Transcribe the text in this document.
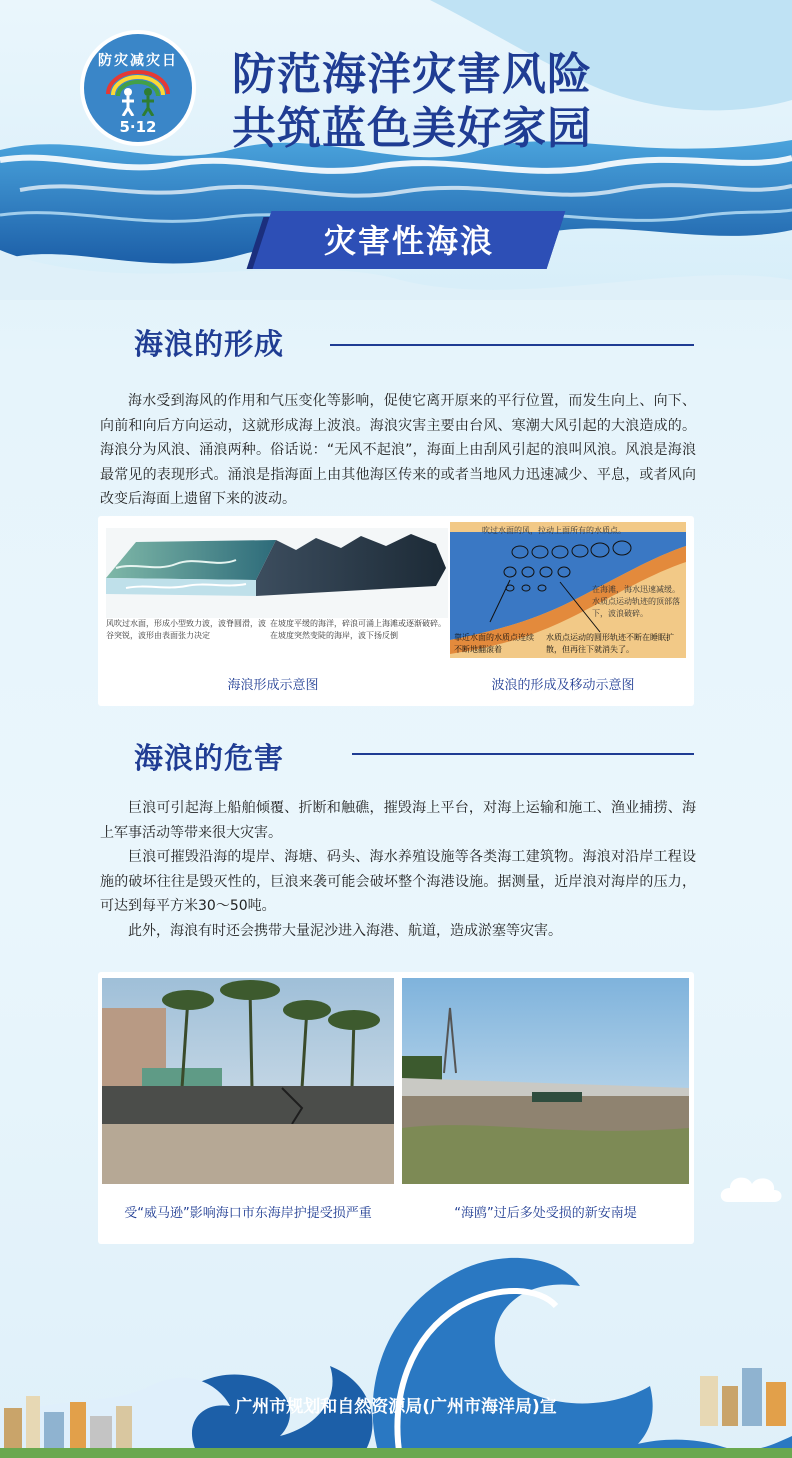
防灾减灾日
5·12
防范海洋灾害风险
共筑蓝色美好家园
灾害性海浪
海浪的形成

海水受到海风的作用和气压变化等影响，促使它离开原来的平行位置，而发生向上、向下、向前和向后方向运动，这就形成海上波浪。海浪灾害主要由台风、寒潮大风引起的大浪造成的。海浪分为风浪、涌浪两种。俗话说：“无风不起浪”，海面上由刮风引起的浪叫风浪。风浪是海浪最常见的表现形式。涌浪是指海面上由其他海区传来的或者当地风力迅速减少、平息，或者风向改变后海面上遗留下来的波动。

风吹过水面，形成小型致力波，波脊圆滑，波谷突锐，波形由表面张力决定
在坡度平缓的海洋，碎浪可涌上海滩或逐渐破碎。在坡度突然变陡的海岸，波下扬反倒
吹过水面的风，拉动上面所有的水质点。
在海滩，海水迅速减缓。水质点运动轨迹的顶部落下，波浪破碎。
靠近水面的水质点连续不断地翻滚着
水质点运动的圆形轨迹不断在睡眠扩散，但再往下就消失了。
海浪形成示意图	波浪的形成及移动示意图
海浪的危害

巨浪可引起海上船舶倾覆、折断和触礁，摧毁海上平台，对海上运输和施工、渔业捕捞、海上军事活动等带来很大灾害。

巨浪可摧毁沿海的堤岸、海塘、码头、海水养殖设施等各类海工建筑物。海浪对沿岸工程设施的破坏往往是毁灭性的，巨浪来袭可能会破坏整个海港设施。据测量，近岸浪对海岸的压力，可达到每平方米30～50吨。

此外，海浪有时还会携带大量泥沙进入海港、航道，造成淤塞等灾害。

受“威马逊”影响海口市东海岸护提受损严重	“海鸥”过后多处受损的新安南堤
广州市规划和自然资源局(广州市海洋局)宣
